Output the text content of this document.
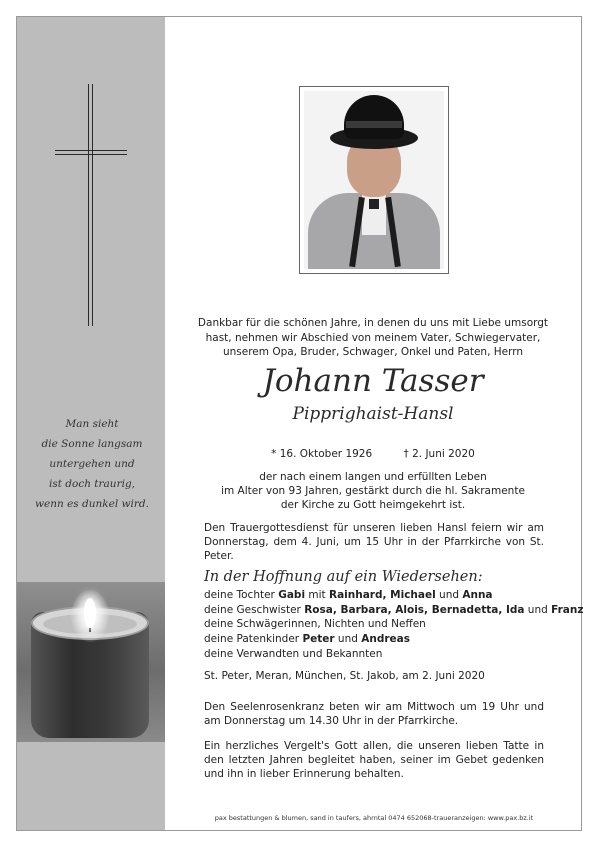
Man sieht
die Sonne langsam
untergehen und
ist doch traurig,
wenn es dunkel wird.
Dankbar für die schönen Jahre, in denen du uns mit Liebe umsorgt
hast, nehmen wir Abschied von meinem Vater, Schwiegervater,
unserem Opa, Bruder, Schwager, Onkel und Paten, Herrn
Johann Tasser
Pipprighaist-Hansl
* 16. Oktober 1926	† 2. Juni 2020
der nach einem langen und erfüllten Leben
im Alter von 93 Jahren, gestärkt durch die hl. Sakramente
der Kirche zu Gott heimgekehrt ist.
Den Trauergottesdienst für unseren lieben Hansl feiern wir am Donnerstag, dem 4. Juni, um 15 Uhr in der Pfarrkirche von St. Peter.
In der Hoffnung auf ein Wiedersehen:
deine Tochter Gabi mit Rainhard, Michael und Anna
deine Geschwister Rosa, Barbara, Alois, Bernadetta, Ida und Franz
deine Schwägerinnen, Nichten und Neffen
deine Patenkinder Peter und Andreas
deine Verwandten und Bekannten
St. Peter, Meran, München, St. Jakob, am 2. Juni 2020
Den Seelenrosenkranz beten wir am Mittwoch um 19 Uhr und am Donnerstag um 14.30 Uhr in der Pfarrkirche.
Ein herzliches Vergelt's Gott allen, die unseren lieben Tatte in den letzten Jahren begleitet haben, seiner im Gebet gedenken und ihn in lieber Erinnerung behalten.
pax bestattungen & blumen, sand in taufers, ahrntal 0474 652068-traueranzeigen: www.pax.bz.it
